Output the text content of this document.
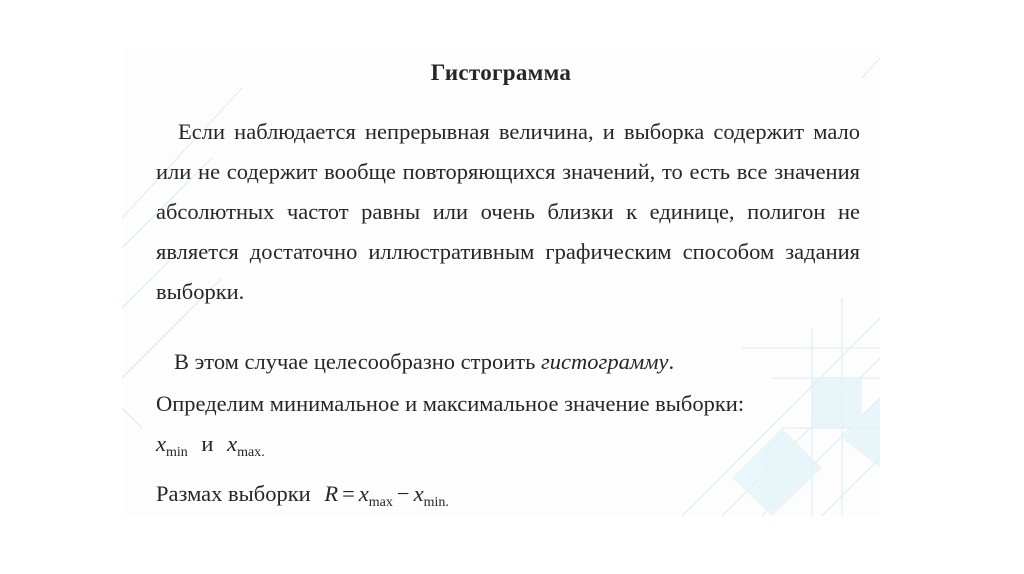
Гистограмма
Если наблюдается непрерывная величина, и выборка содержит мало или не содержит вообще повторяющихся значений, то есть все значения абсолютных частот равны или очень близки к единице, полигон не является достаточно иллюстративным графическим способом задания выборки.
В этом случае целесообразно строить гистограмму.
Определим минимальное и максимальное значение выборки:
$x_{min}$ и $x_{max.}$
Размах выборки $R = x_{max} - x_{min.}$
